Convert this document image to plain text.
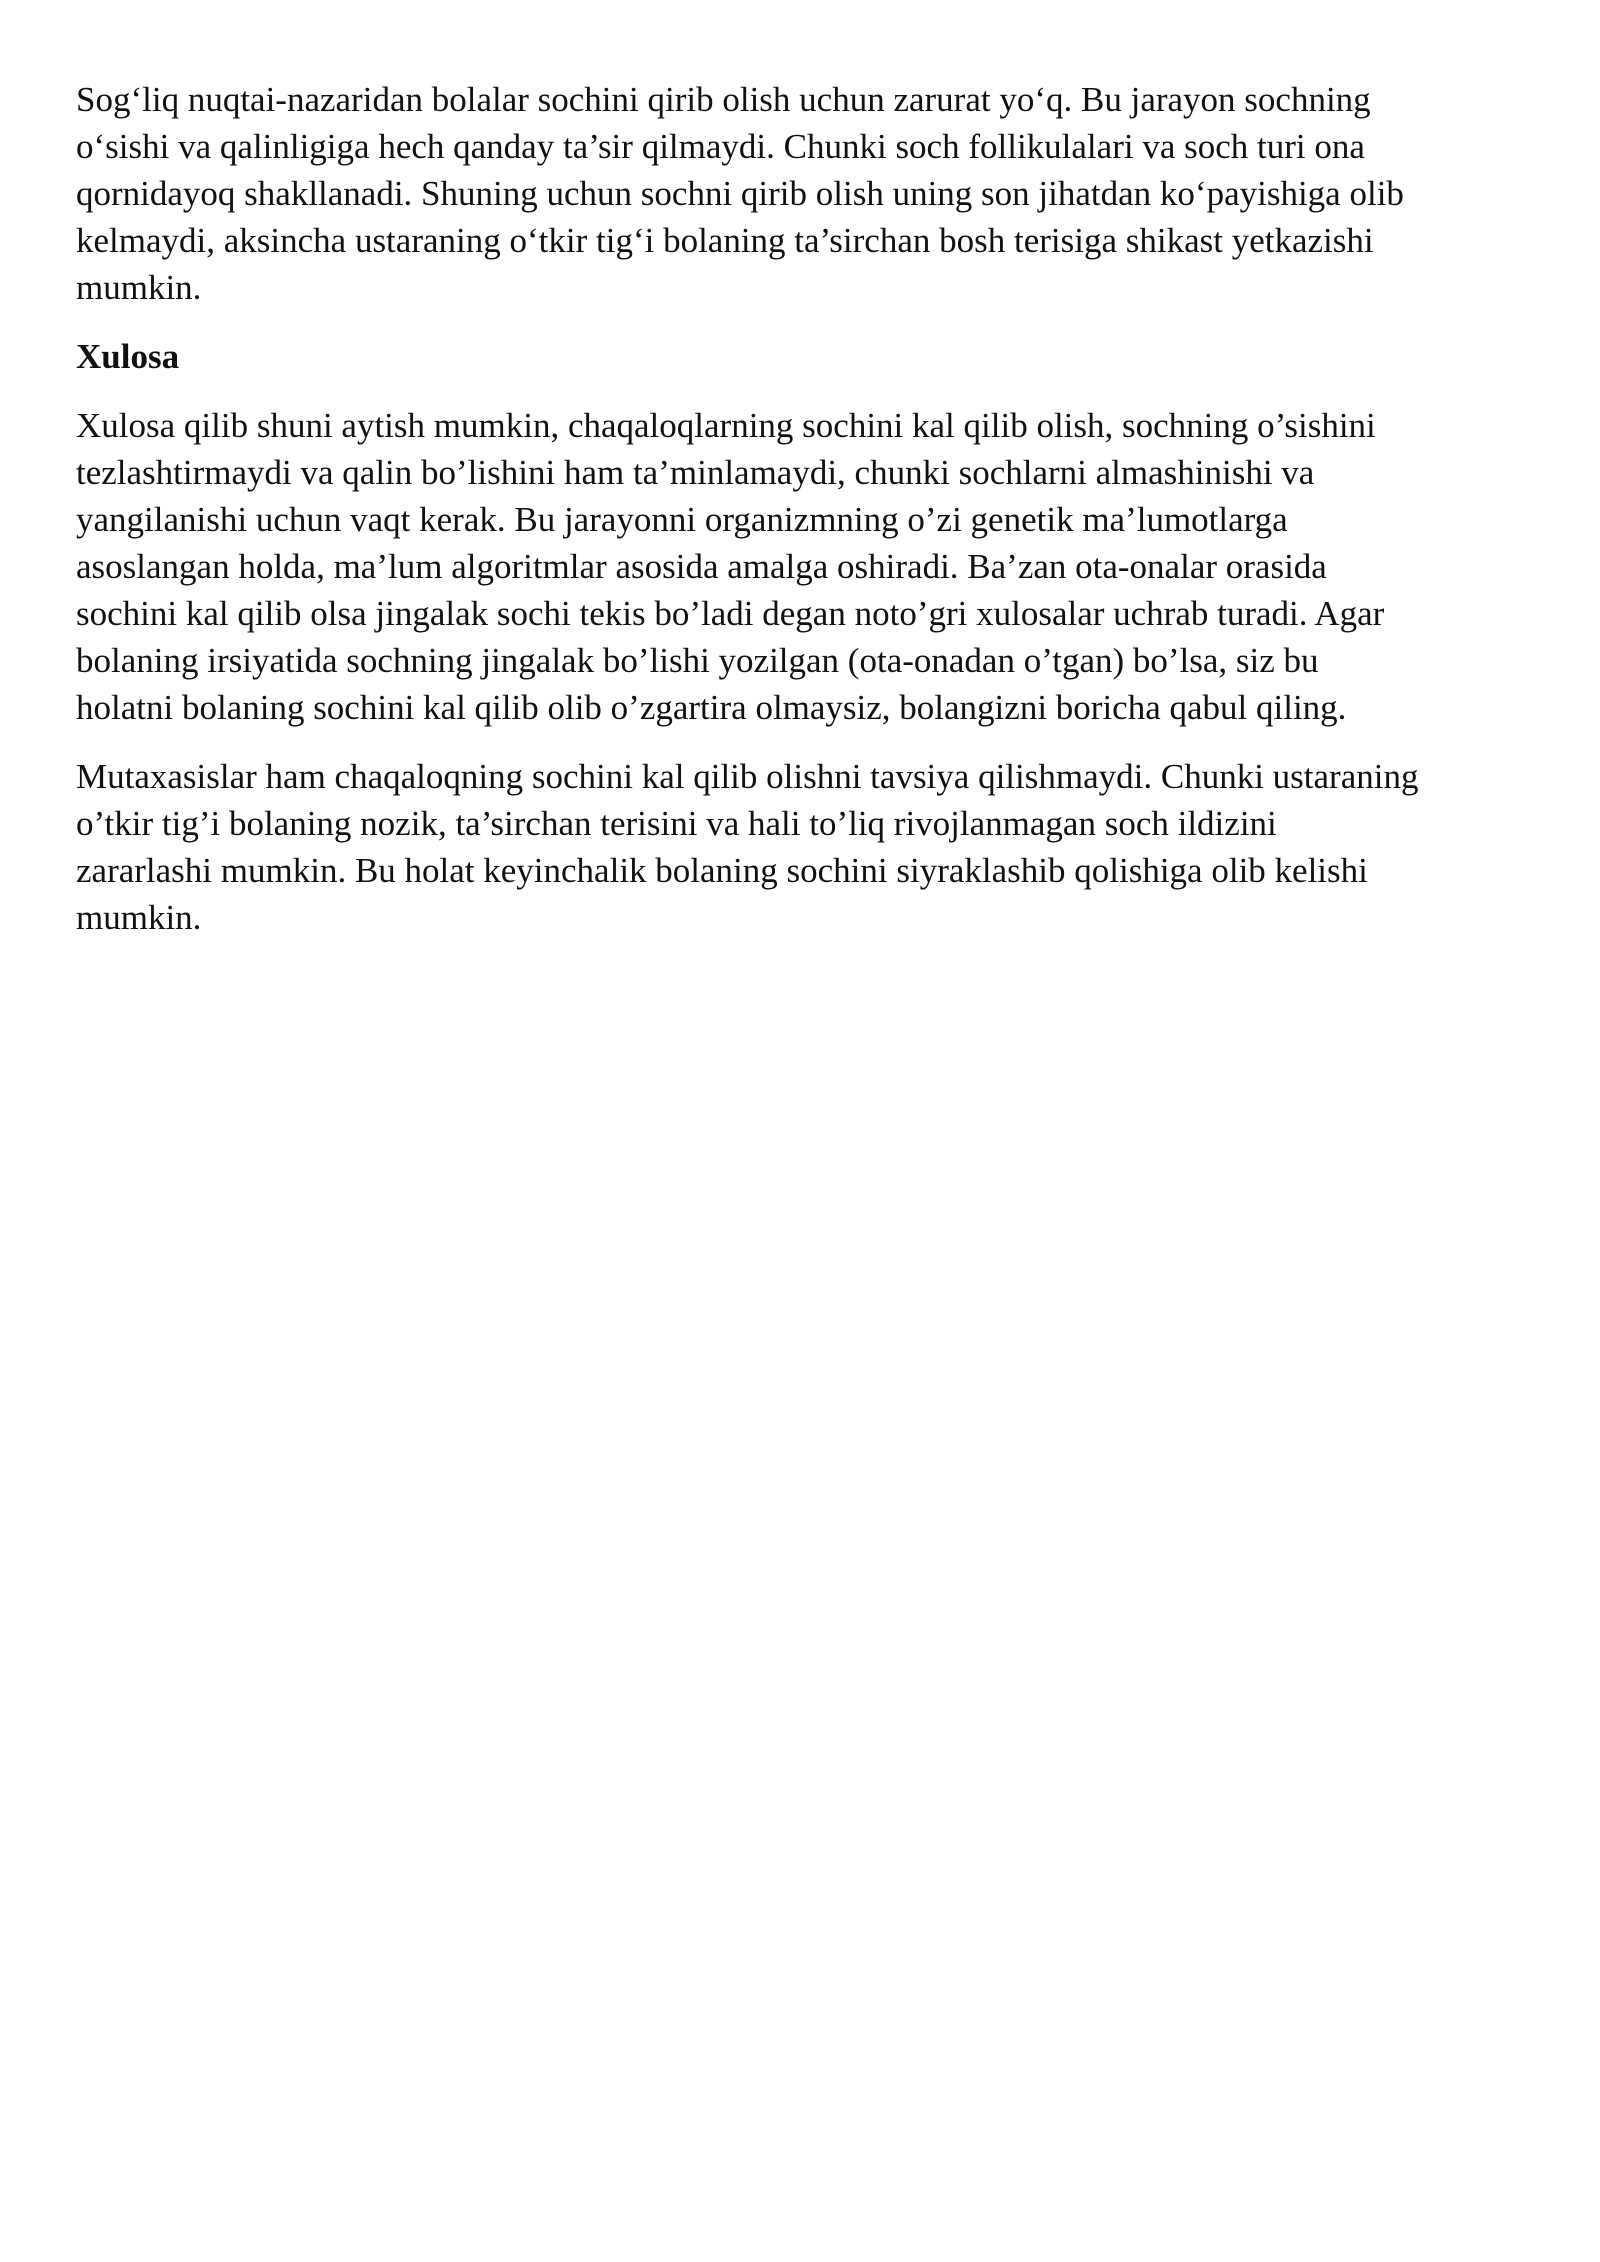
Sog‘liq nuqtai-nazaridan bolalar sochini qirib olish uchun zarurat yo‘q. Bu jarayon sochning
o‘sishi va qalinligiga hech qanday ta’sir qilmaydi. Chunki soch follikulalari va soch turi ona
qornidayoq shakllanadi. Shuning uchun sochni qirib olish uning son jihatdan ko‘payishiga olib
kelmaydi, aksincha ustaraning o‘tkir tig‘i bolaning ta’sirchan bosh terisiga shikast yetkazishi
mumkin.

Xulosa

Xulosa qilib shuni aytish mumkin, chaqaloqlarning sochini kal qilib olish, sochning o’sishini
tezlashtirmaydi va qalin bo’lishini ham ta’minlamaydi, chunki sochlarni almashinishi va
yangilanishi uchun vaqt kerak. Bu jarayonni organizmning o’zi genetik ma’lumotlarga
asoslangan holda, ma’lum algoritmlar asosida amalga oshiradi. Ba’zan ota-onalar orasida
sochini kal qilib olsa jingalak sochi tekis bo’ladi degan noto’gri xulosalar uchrab turadi. Agar
bolaning irsiyatida sochning jingalak bo’lishi yozilgan (ota-onadan o’tgan) bo’lsa, siz bu
holatni bolaning sochini kal qilib olib o’zgartira olmaysiz, bolangizni boricha qabul qiling.

Mutaxasislar ham chaqaloqning sochini kal qilib olishni tavsiya qilishmaydi. Chunki ustaraning
o’tkir tig’i bolaning nozik, ta’sirchan terisini va hali to’liq rivojlanmagan soch ildizini
zararlashi mumkin. Bu holat keyinchalik bolaning sochini siyraklashib qolishiga olib kelishi
mumkin.
